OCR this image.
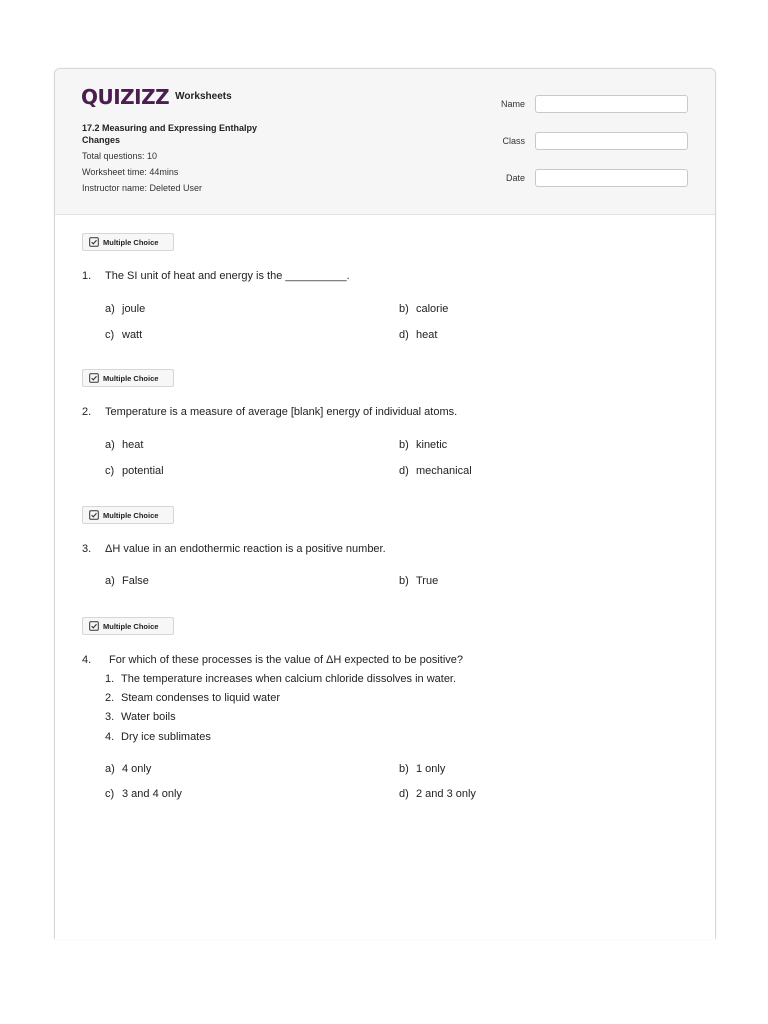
QUIZIZZ Worksheets
17.2 Measuring and Expressing Enthalpy Changes
Total questions: 10
Worksheet time: 44mins
Instructor name: Deleted User
Name
Class
Date
Multiple Choice
1. The SI unit of heat and energy is the __________.
a) joule	b) calorie
c) watt	d) heat
Multiple Choice
2. Temperature is a measure of average [blank] energy of individual atoms.
a) heat	b) kinetic
c) potential	d) mechanical
Multiple Choice
3. ΔH value in an endothermic reaction is a positive number.
a) False	b) True
Multiple Choice
4. For which of these processes is the value of ΔH expected to be positive?
1. The temperature increases when calcium chloride dissolves in water.
2. Steam condenses to liquid water
3. Water boils
4. Dry ice sublimates
a) 4 only	b) 1 only
c) 3 and 4 only	d) 2 and 3 only
